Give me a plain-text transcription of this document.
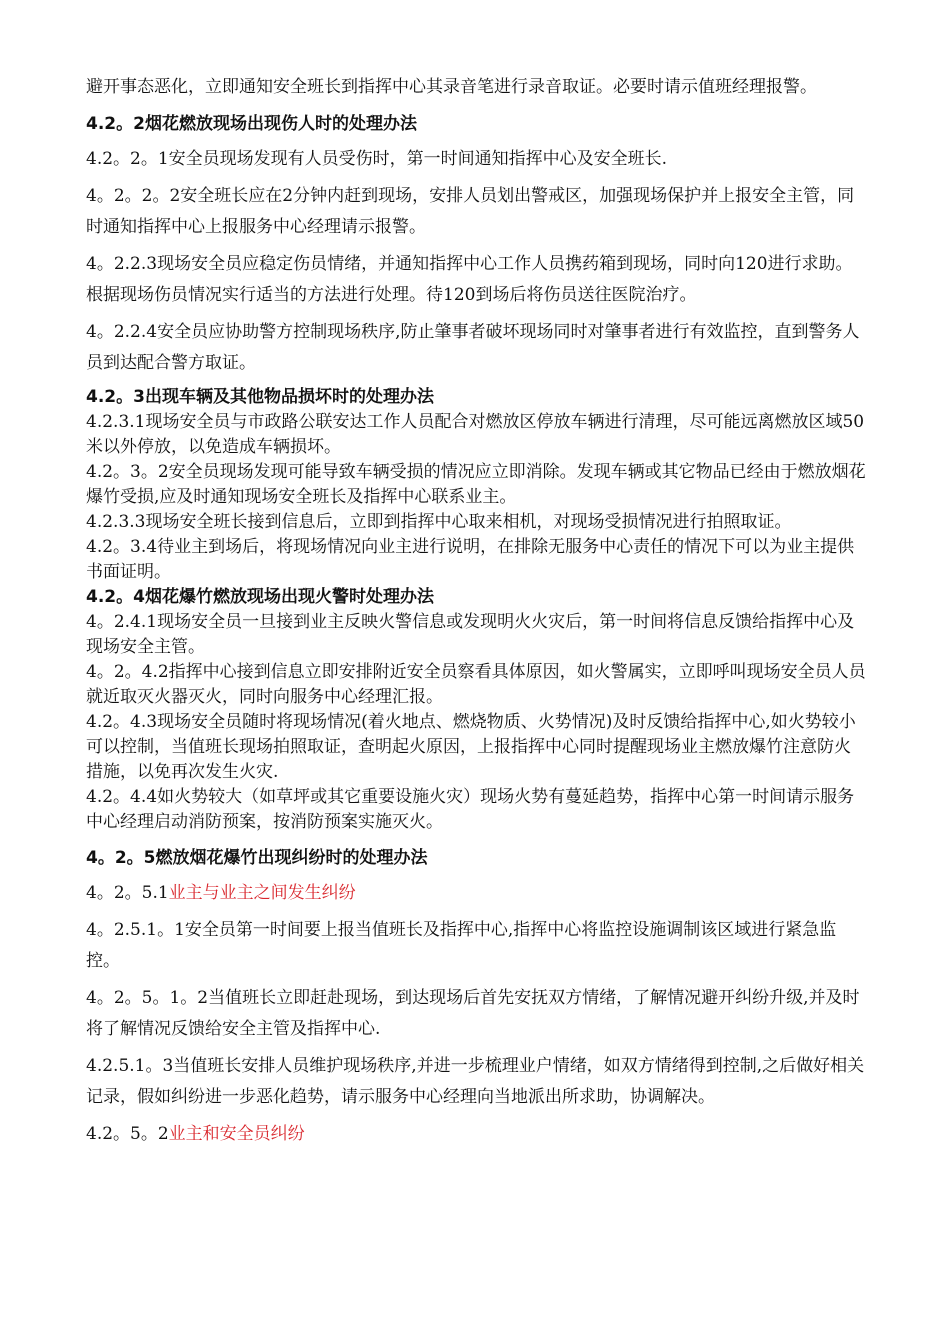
避开事态恶化，立即通知安全班长到指挥中心其录音笔进行录音取证。必要时请示值班经理报警。

4.2。2烟花燃放现场出现伤人时的处理办法

4.2。2。1安全员现场发现有人员受伤时，第一时间通知指挥中心及安全班长.

4。2。2。2安全班长应在2分钟内赶到现场，安排人员划出警戒区，加强现场保护并上报安全主管，同时通知指挥中心上报服务中心经理请示报警。

4。2.2.3现场安全员应稳定伤员情绪，并通知指挥中心工作人员携药箱到现场，同时向120进行求助。根据现场伤员情况实行适当的方法进行处理。待120到场后将伤员送往医院治疗。

4。2.2.4安全员应协助警方控制现场秩序,防止肇事者破坏现场同时对肇事者进行有效监控，直到警务人员到达配合警方取证。

4.2。3出现车辆及其他物品损坏时的处理办法

4.2.3.1现场安全员与市政路公联安达工作人员配合对燃放区停放车辆进行清理，尽可能远离燃放区域50米以外停放，以免造成车辆损坏。

4.2。3。2安全员现场发现可能导致车辆受损的情况应立即消除。发现车辆或其它物品已经由于燃放烟花爆竹受损,应及时通知现场安全班长及指挥中心联系业主。

4.2.3.3现场安全班长接到信息后，立即到指挥中心取来相机，对现场受损情况进行拍照取证。

4.2。3.4待业主到场后，将现场情况向业主进行说明，在排除无服务中心责任的情况下可以为业主提供书面证明。

4.2。4烟花爆竹燃放现场出现火警时处理办法

4。2.4.1现场安全员一旦接到业主反映火警信息或发现明火火灾后，第一时间将信息反馈给指挥中心及现场安全主管。

4。2。4.2指挥中心接到信息立即安排附近安全员察看具体原因，如火警属实，立即呼叫现场安全员人员就近取灭火器灭火，同时向服务中心经理汇报。

4.2。4.3现场安全员随时将现场情况(着火地点、燃烧物质、火势情况)及时反馈给指挥中心,如火势较小可以控制，当值班长现场拍照取证，查明起火原因，上报指挥中心同时提醒现场业主燃放爆竹注意防火措施，以免再次发生火灾.

4.2。4.4如火势较大（如草坪或其它重要设施火灾）现场火势有蔓延趋势，指挥中心第一时间请示服务中心经理启动消防预案，按消防预案实施灭火。

4。2。5燃放烟花爆竹出现纠纷时的处理办法

4。2。5.1业主与业主之间发生纠纷

4。2.5.1。1安全员第一时间要上报当值班长及指挥中心,指挥中心将监控设施调制该区域进行紧急监控。

4。2。5。1。2当值班长立即赶赴现场，到达现场后首先安抚双方情绪，了解情况避开纠纷升级,并及时将了解情况反馈给安全主管及指挥中心.

4.2.5.1。3当值班长安排人员维护现场秩序,并进一步梳理业户情绪，如双方情绪得到控制,之后做好相关记录，假如纠纷进一步恶化趋势，请示服务中心经理向当地派出所求助，协调解决。

4.2。5。2业主和安全员纠纷
